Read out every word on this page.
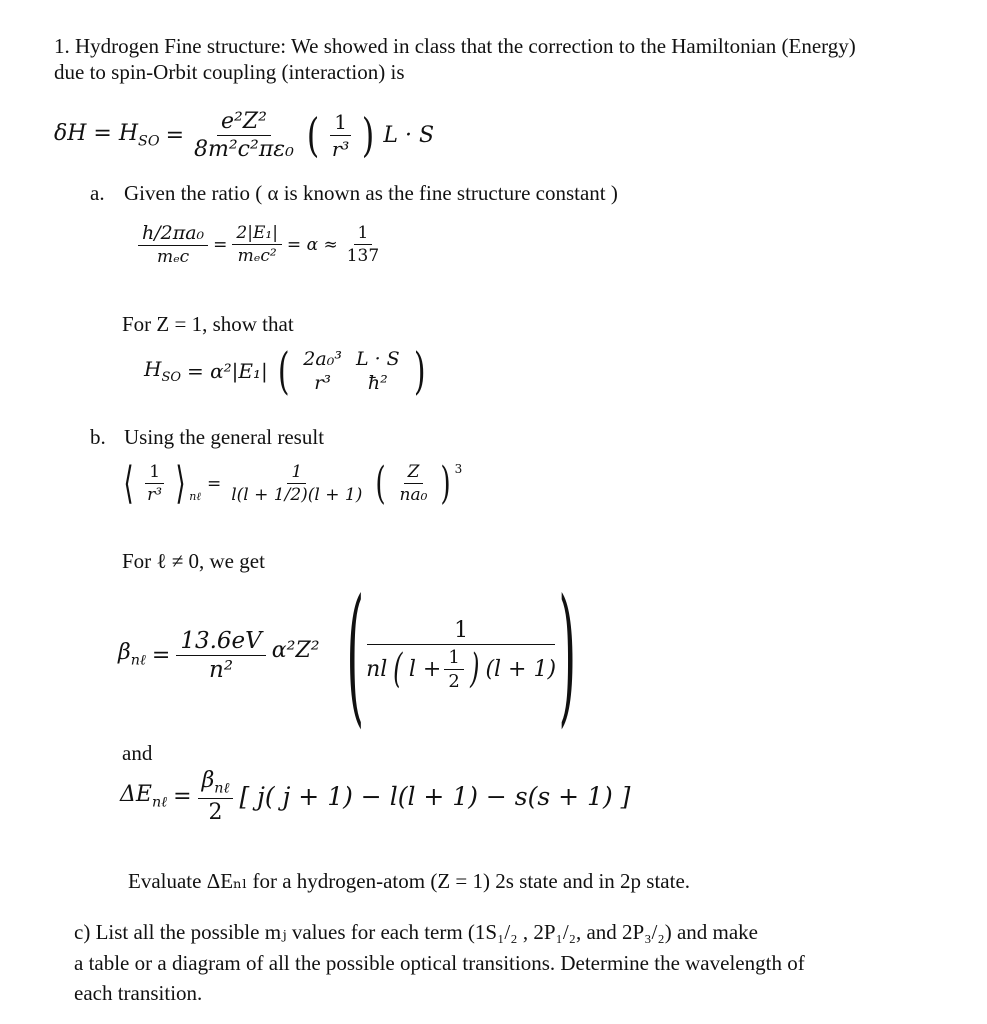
1. Hydrogen Fine structure: We showed in class that the correction to the Hamiltonian (Energy)
due to spin-Orbit coupling (interaction) is
$\delta H = H_{SO} = \frac{\text{e²Z²}}{\text{8m²c²πε₀}}$ ( $\frac{1}{\text{r³}}$ ) L · S
a. Given the ratio ( α is known as the fine structure constant )
$\frac{\text{h/2πa₀}}{\text{mₑc}} = \frac{\text{2|E₁|}}{\text{mₑc²}} = \alpha \approx \frac{1}{137}$
For Z = 1, show that
$H_{SO} = \alpha^2|E_1|$ ( 2a₀³
r³
L · S
ħ² )
b. Using the general result
⟨ $\frac{1}{\text{r³}}$ ⟩ nℓ
= $\frac{1}{l(l + 1/2)(l + 1)}$ ( $\frac{Z}{\text{na₀}}$ ) 3
For ℓ ≠ 0, we get
$\beta_{n\ell} = \frac{13.6eV}{\text{n²}} \alpha^2Z^2$ (	1
nl ( $l + \frac{1}{2}$ ) (l + 1) )
and
$\Delta E_{n\ell} = \frac{\beta_{n\ell}}{2}$ [ j( j + 1) − l(l + 1) − s(s + 1) ]
Evaluate ΔEₙₗ for a hydrogen-atom (Z = 1) 2s state and in 2p state.
c) List all the possible mⱼ values for each term (1S₁/₂ , 2P₁/₂, and 2P₃/₂) and make
a table or a diagram of all the possible optical transitions. Determine the wavelength of
each transition.
